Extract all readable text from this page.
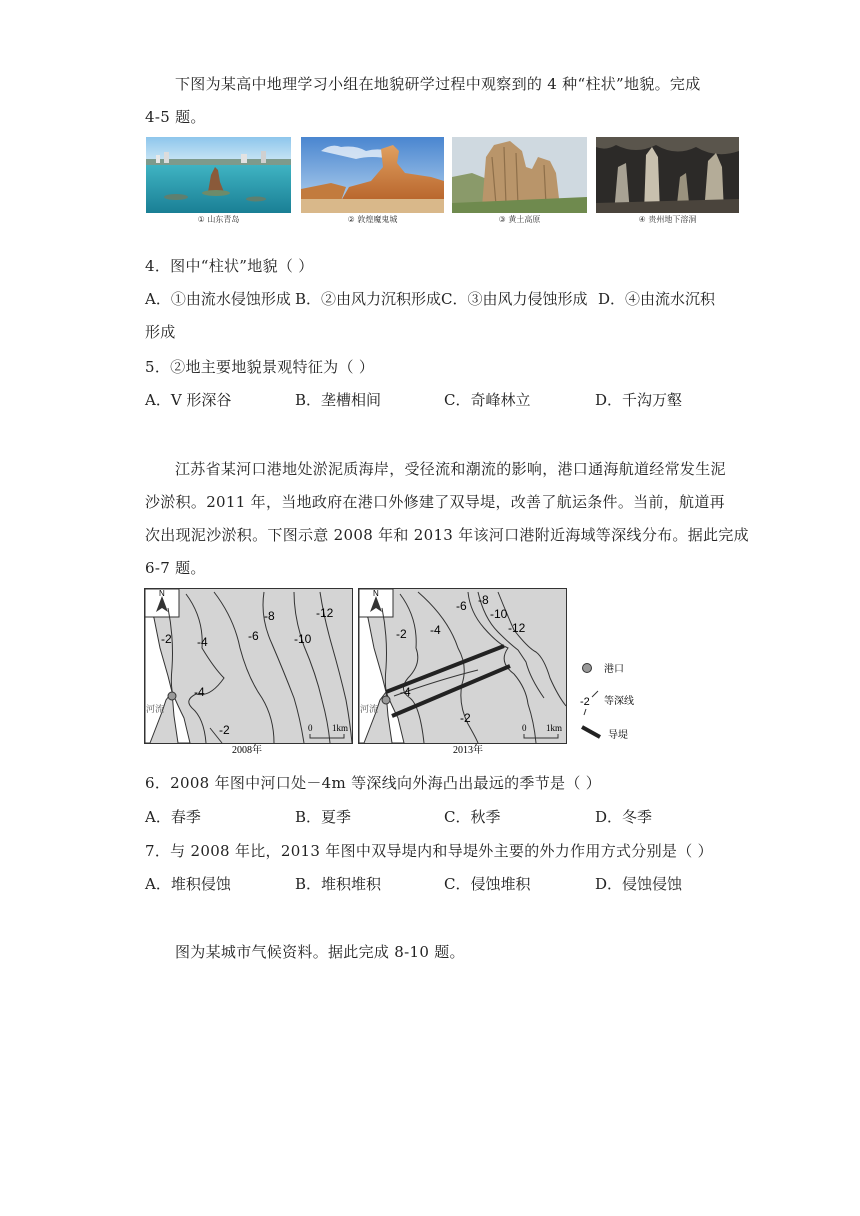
下图为某高中地理学习小组在地貌研学过程中观察到的 4 种“柱状”地貌。完成
4-5 题。
① 山东青岛	② 敦煌魔鬼城	③ 黄土高原	④ 贵州地下溶洞
4．图中“柱状”地貌（ ）
A．①由流水侵蚀形成 B．②由风力沉积形成 C．③由风力侵蚀形成 D．④由流水沉积
形成
5．②地主要地貌景观特征为（ ）
A．V 形深谷	B．垄槽相间	C．奇峰林立	D．千沟万壑
江苏省某河口港地处淤泥质海岸，受径流和潮流的影响，港口通海航道经常发生泥
沙淤积。2011 年，当地政府在港口外修建了双导堤，改善了航运条件。当前，航道再
次出现泥沙淤积。下图示意 2008 年和 2013 年该河口港附近海域等深线分布。据此完成
6-7 题。
0 1km
N
河流
-2 -4
-4
-6
-8
-10
-12
-2
2008年
0 1km
N
河流
-2 -4
-4
-6 -8
-10
-12
-2
2013年
港口
-2 等深线
导堤
6．2008 年图中河口处－4m 等深线向外海凸出最远的季节是（ ）
A．春季	B．夏季	C．秋季	D．冬季
7．与 2008 年比，2013 年图中双导堤内和导堤外主要的外力作用方式分别是（ ）
A．堆积侵蚀	B．堆积堆积	C．侵蚀堆积	D．侵蚀侵蚀
图为某城市气候资料。据此完成 8-10 题。
